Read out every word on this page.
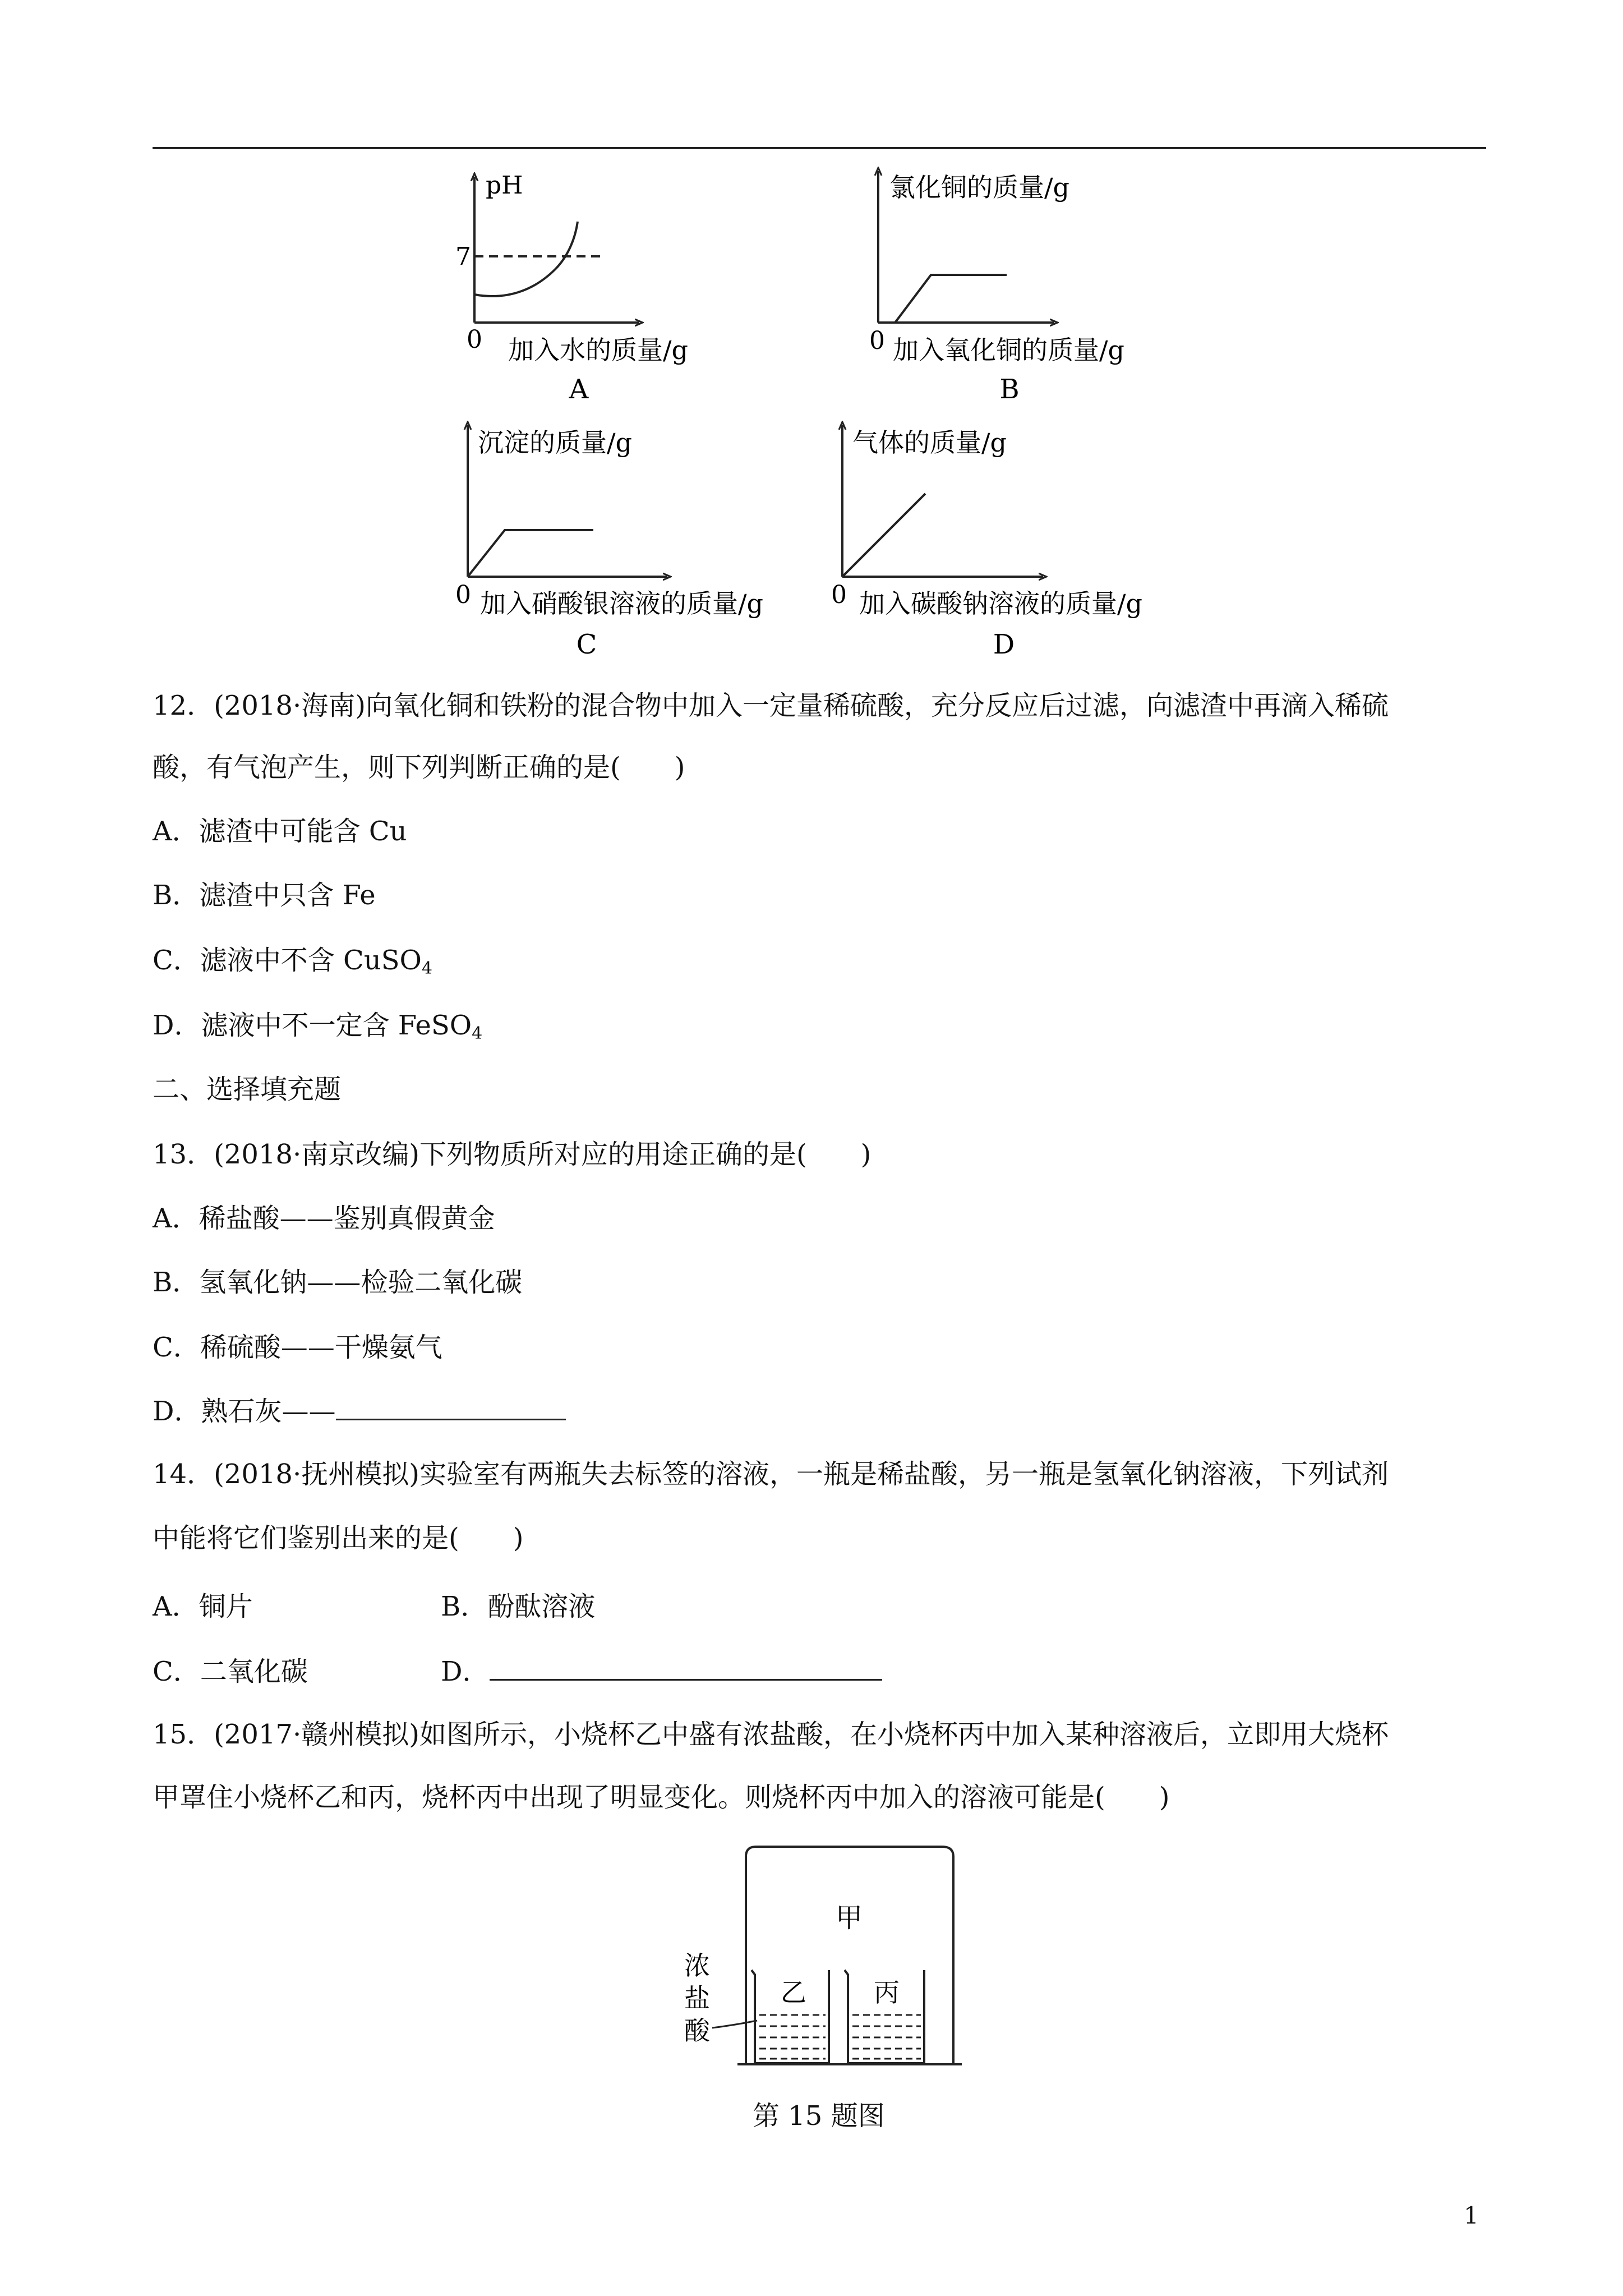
pH
7
0 加入水的质量/g
A
氯化铜的质量/g
0 加入氧化铜的质量/g
B
沉淀的质量/g
0 加入硝酸银溶液的质量/g
C
气体的质量/g
0 加入碳酸钠溶液的质量/g
D
12．(2018·海南)向氧化铜和铁粉的混合物中加入一定量稀硫酸，充分反应后过滤，向滤渣中再滴入稀硫
酸，有气泡产生，则下列判断正确的是(　　)
A．滤渣中可能含 Cu
B．滤渣中只含 Fe
C．滤液中不含 CuSO$_4$
D．滤液中不一定含 FeSO$_4$
二、选择填充题
13．(2018·南京改编)下列物质所对应的用途正确的是(　　)
A．稀盐酸——鉴别真假黄金
B．氢氧化钠——检验二氧化碳
C．稀硫酸——干燥氨气
D．熟石灰——
14．(2018·抚州模拟)实验室有两瓶失去标签的溶液，一瓶是稀盐酸，另一瓶是氢氧化钠溶液，下列试剂
中能将它们鉴别出来的是(　　)
A．铜片	B．酚酞溶液
C．二氧化碳	D．
15．(2017·赣州模拟)如图所示，小烧杯乙中盛有浓盐酸，在小烧杯丙中加入某种溶液后，立即用大烧杯
甲罩住小烧杯乙和丙，烧杯丙中出现了明显变化。则烧杯丙中加入的溶液可能是(　　)
甲
乙	丙
浓
盐
酸
第 15 题图
1
